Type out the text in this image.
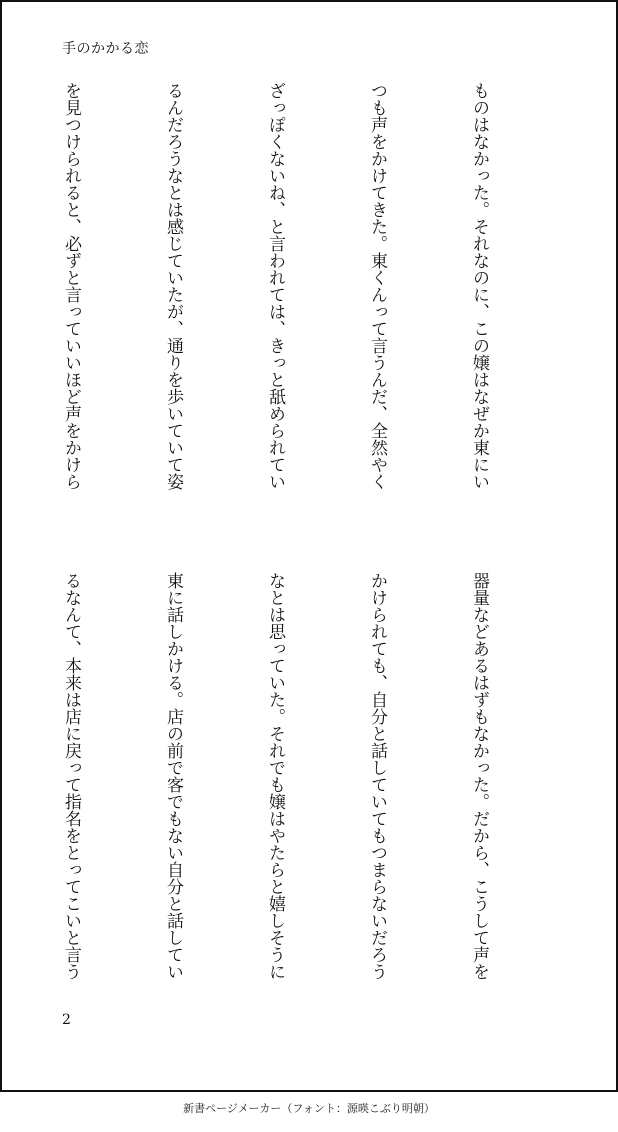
手のかかる恋

ものはなかった。それなのに、この嬢はなぜか東にい

つも声をかけてきた。東くんって言うんだ、全然やく

ざっぽくないね、と言われては、きっと舐められてい

るんだろうなとは感じていたが、通りを歩いていて姿

を見つけられると、必ずと言っていいほど声をかけら

器量などあるはずもなかった。だから、こうして声を

かけられても、自分と話していてもつまらないだろう

なとは思っていた。それでも嬢はやたらと嬉しそうに

東に話しかける。店の前で客でもない自分と話してい

るなんて、本来は店に戻って指名をとってこいと言う

2
新書ページメーカー（フォント：源暎こぶり明朝）
